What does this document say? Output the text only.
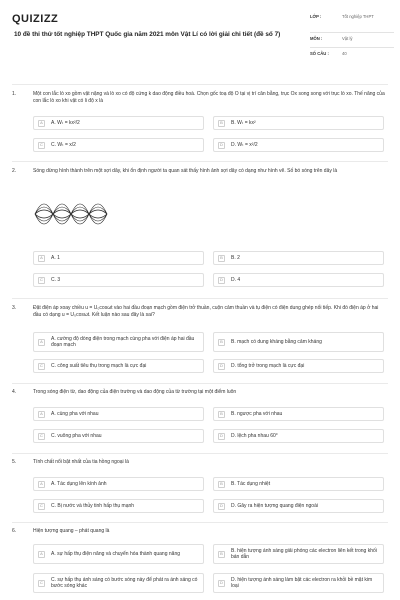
QUIZIZZ
10 đề thi thử tốt nghiệp THPT Quốc gia năm 2021 môn Vật Lí có lời giải chi tiết (đề số 7)
LỚP :	Tốt nghiệp THPT
MÔN :	Vật lý
SỐ CÂU :	40
1.	Một con lắc lò xo gồm vật nặng và lò xo có độ cứng k dao động điều hoà. Chọn gốc toạ độ O tại vị trí cân bằng, trục Ox song song với trục lò xo. Thế năng của con lắc lò xo khi vật có li độ x là
A	A. Wₜ = kx²/2	B	B. Wₜ = kx²
C	C. Wₜ = x/2	D	D. Wₜ = x²/2
2.	Sóng dừng hình thành trên một sợi dây, khi ổn định người ta quan sát thấy hình ảnh sợi dây có dạng như hình vẽ. Số bó sóng trên dây là
A	A. 1	B	B. 2
C	C. 3	D	D. 4
3.	Đặt điện áp xoay chiều u = U₀cosωt vào hai đầu đoạn mạch gồm điện trở thuần, cuộn cảm thuần và tụ điện có điện dung ghép nối tiếp. Khi đó điện áp ở hai đầu có dạng u = U₀cosωt. Kết luận nào sau đây là sai?
A	A. cường độ dòng điện trong mạch cùng pha với điện áp hai đầu đoạn mạch
B	B. mạch có dung kháng bằng cảm kháng
C	C. công suất tiêu thụ trong mạch là cực đại	D	D. tổng trở trong mạch là cực đại
4.	Trong sóng điện từ, dao động của điện trường và dao động của từ trường tại một điểm luôn
A	A. cùng pha với nhau	B	B. ngược pha với nhau
C	C. vuông pha với nhau	D	D. lệch pha nhau 60°
5.	Tính chất nổi bật nhất của tia hồng ngoại là
A	A. Tác dụng lên kính ảnh	B	B. Tác dụng nhiệt
C	C. Bị nước và thủy tinh hấp thụ mạnh	D	D. Gây ra hiện tượng quang điện ngoài
6.	Hiện tượng quang – phát quang là
A	A. sự hấp thụ điện năng và chuyển hóa thành quang năng	B	B. hiện tượng ánh sáng giải phóng các electron liên kết trong khối bán dẫn
C	C. sự hấp thụ ánh sáng có bước sóng này để phát ra ánh sáng có bước sóng khác
D	D. hiện tượng ánh sáng làm bật các electron ra khỏi bề mặt kim loại
